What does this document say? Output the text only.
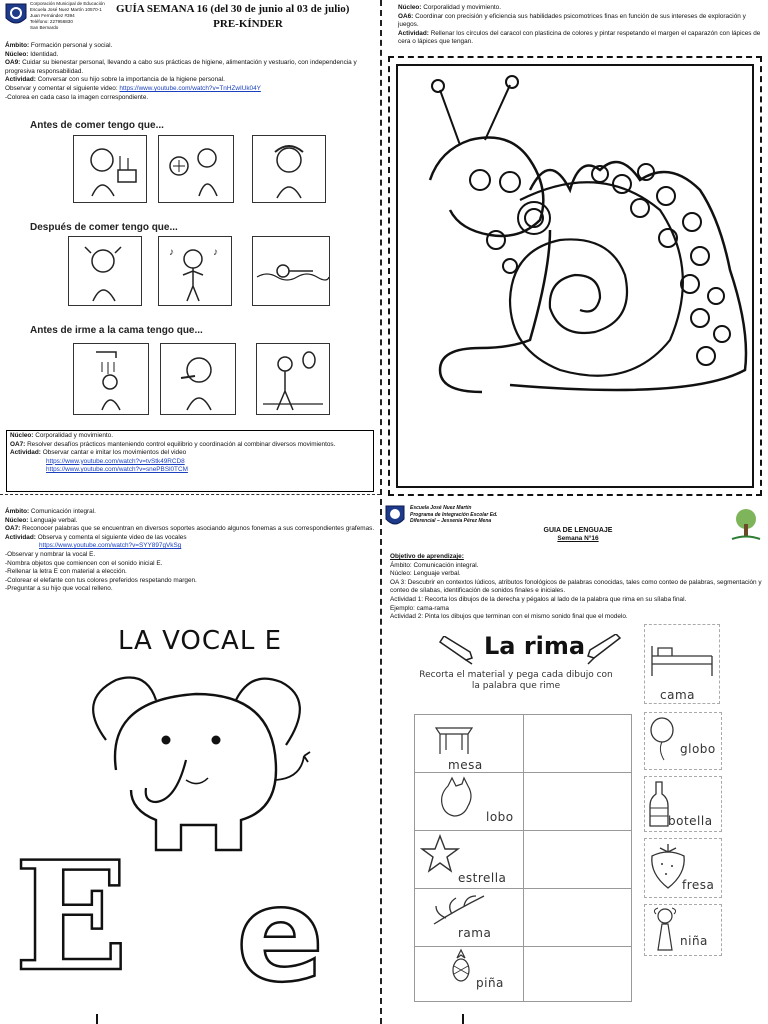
Corporación Municipal de Educación
Escuela José Nuez Martín 10570-1
Juan Fernández #394
Teléfono: 227956830
San Bernardo
GUÍA SEMANA 16 (del 30 de junio al 03 de julio)
PRE-KÍNDER
Ámbito: Formación personal y social.
Núcleo: Identidad.
OA9: Cuidar su bienestar personal, llevando a cabo sus prácticas de higiene, alimentación y vestuario, con independencia y progresiva responsabilidad.
Actividad: Conversar con su hijo sobre la importancia de la higiene personal.
Observar y comentar el siguiente video: https://www.youtube.com/watch?v=TnHZwIUk04Y
-Colorea en cada caso la imagen correspondiente.
Antes de comer tengo que...
Después de comer tengo que...
Antes de irme a la cama tengo que...
♪	♪
Núcleo: Corporalidad y movimiento.
OA7: Resolver desafíos prácticos manteniendo control equilibrio y coordinación al combinar diversos movimientos.
Actividad: Observar cantar e imitar los movimientos del video
https://www.youtube.com/watch?v=tvStk49RCD8
https://www.youtube.com/watch?v=snePBSl0TCM
Ámbito: Comunicación integral.
Núcleo: Lenguaje verbal.
OA7: Reconocer palabras que se encuentran en diversos soportes asociando algunos fonemas a sus correspondientes grafemas.
Actividad: Observa y comenta el siguiente video de las vocales
https://www.youtube.com/watch?v=SYY897gVkSg
-Observar y nombrar la vocal E.
-Nombra objetos que comiencen con el sonido inicial E.
-Rellenar la letra E con material a elección.
-Colorear el elefante con tus colores preferidos respetando margen.
-Preguntar a su hijo que vocal relleno.
LA VOCAL E
E e
Núcleo: Corporalidad y movimiento.
OA6: Coordinar con precisión y eficiencia sus habilidades psicomotrices finas en función de sus intereses de exploración y juegos.
Actividad: Rellenar los círculos del caracol con plasticina de colores y pintar respetando el margen el caparazón con lápices de cera o lápices que tengan.
Escuela José Nuez Martín
Programa de Integración Escolar Ed.
Diferencial – Jessenia Pérez Mena
GUIA DE LENGUAJE
Semana N°16
Objetivo de aprendizaje:
Ámbito: Comunicación integral.
Núcleo: Lenguaje verbal.
OA 3: Descubrir en contextos lúdicos, atributos fonológicos de palabras conocidas, tales como conteo de palabras, segmentación y conteo de sílabas, identificación de sonidos finales e iniciales.
Actividad 1: Recorta los dibujos de la derecha y pégalos al lado de la palabra que rima en su sílaba final.
Ejemplo: cama-rama
Actividad 2: Pinta los dibujos que terminan con el mismo sonido final que el modelo.
La rima
Recorta el material y pega cada dibujo con la palabra que rime
mesa
lobo
estrella
rama
piña
cama
globo
botella
fresa
niña
